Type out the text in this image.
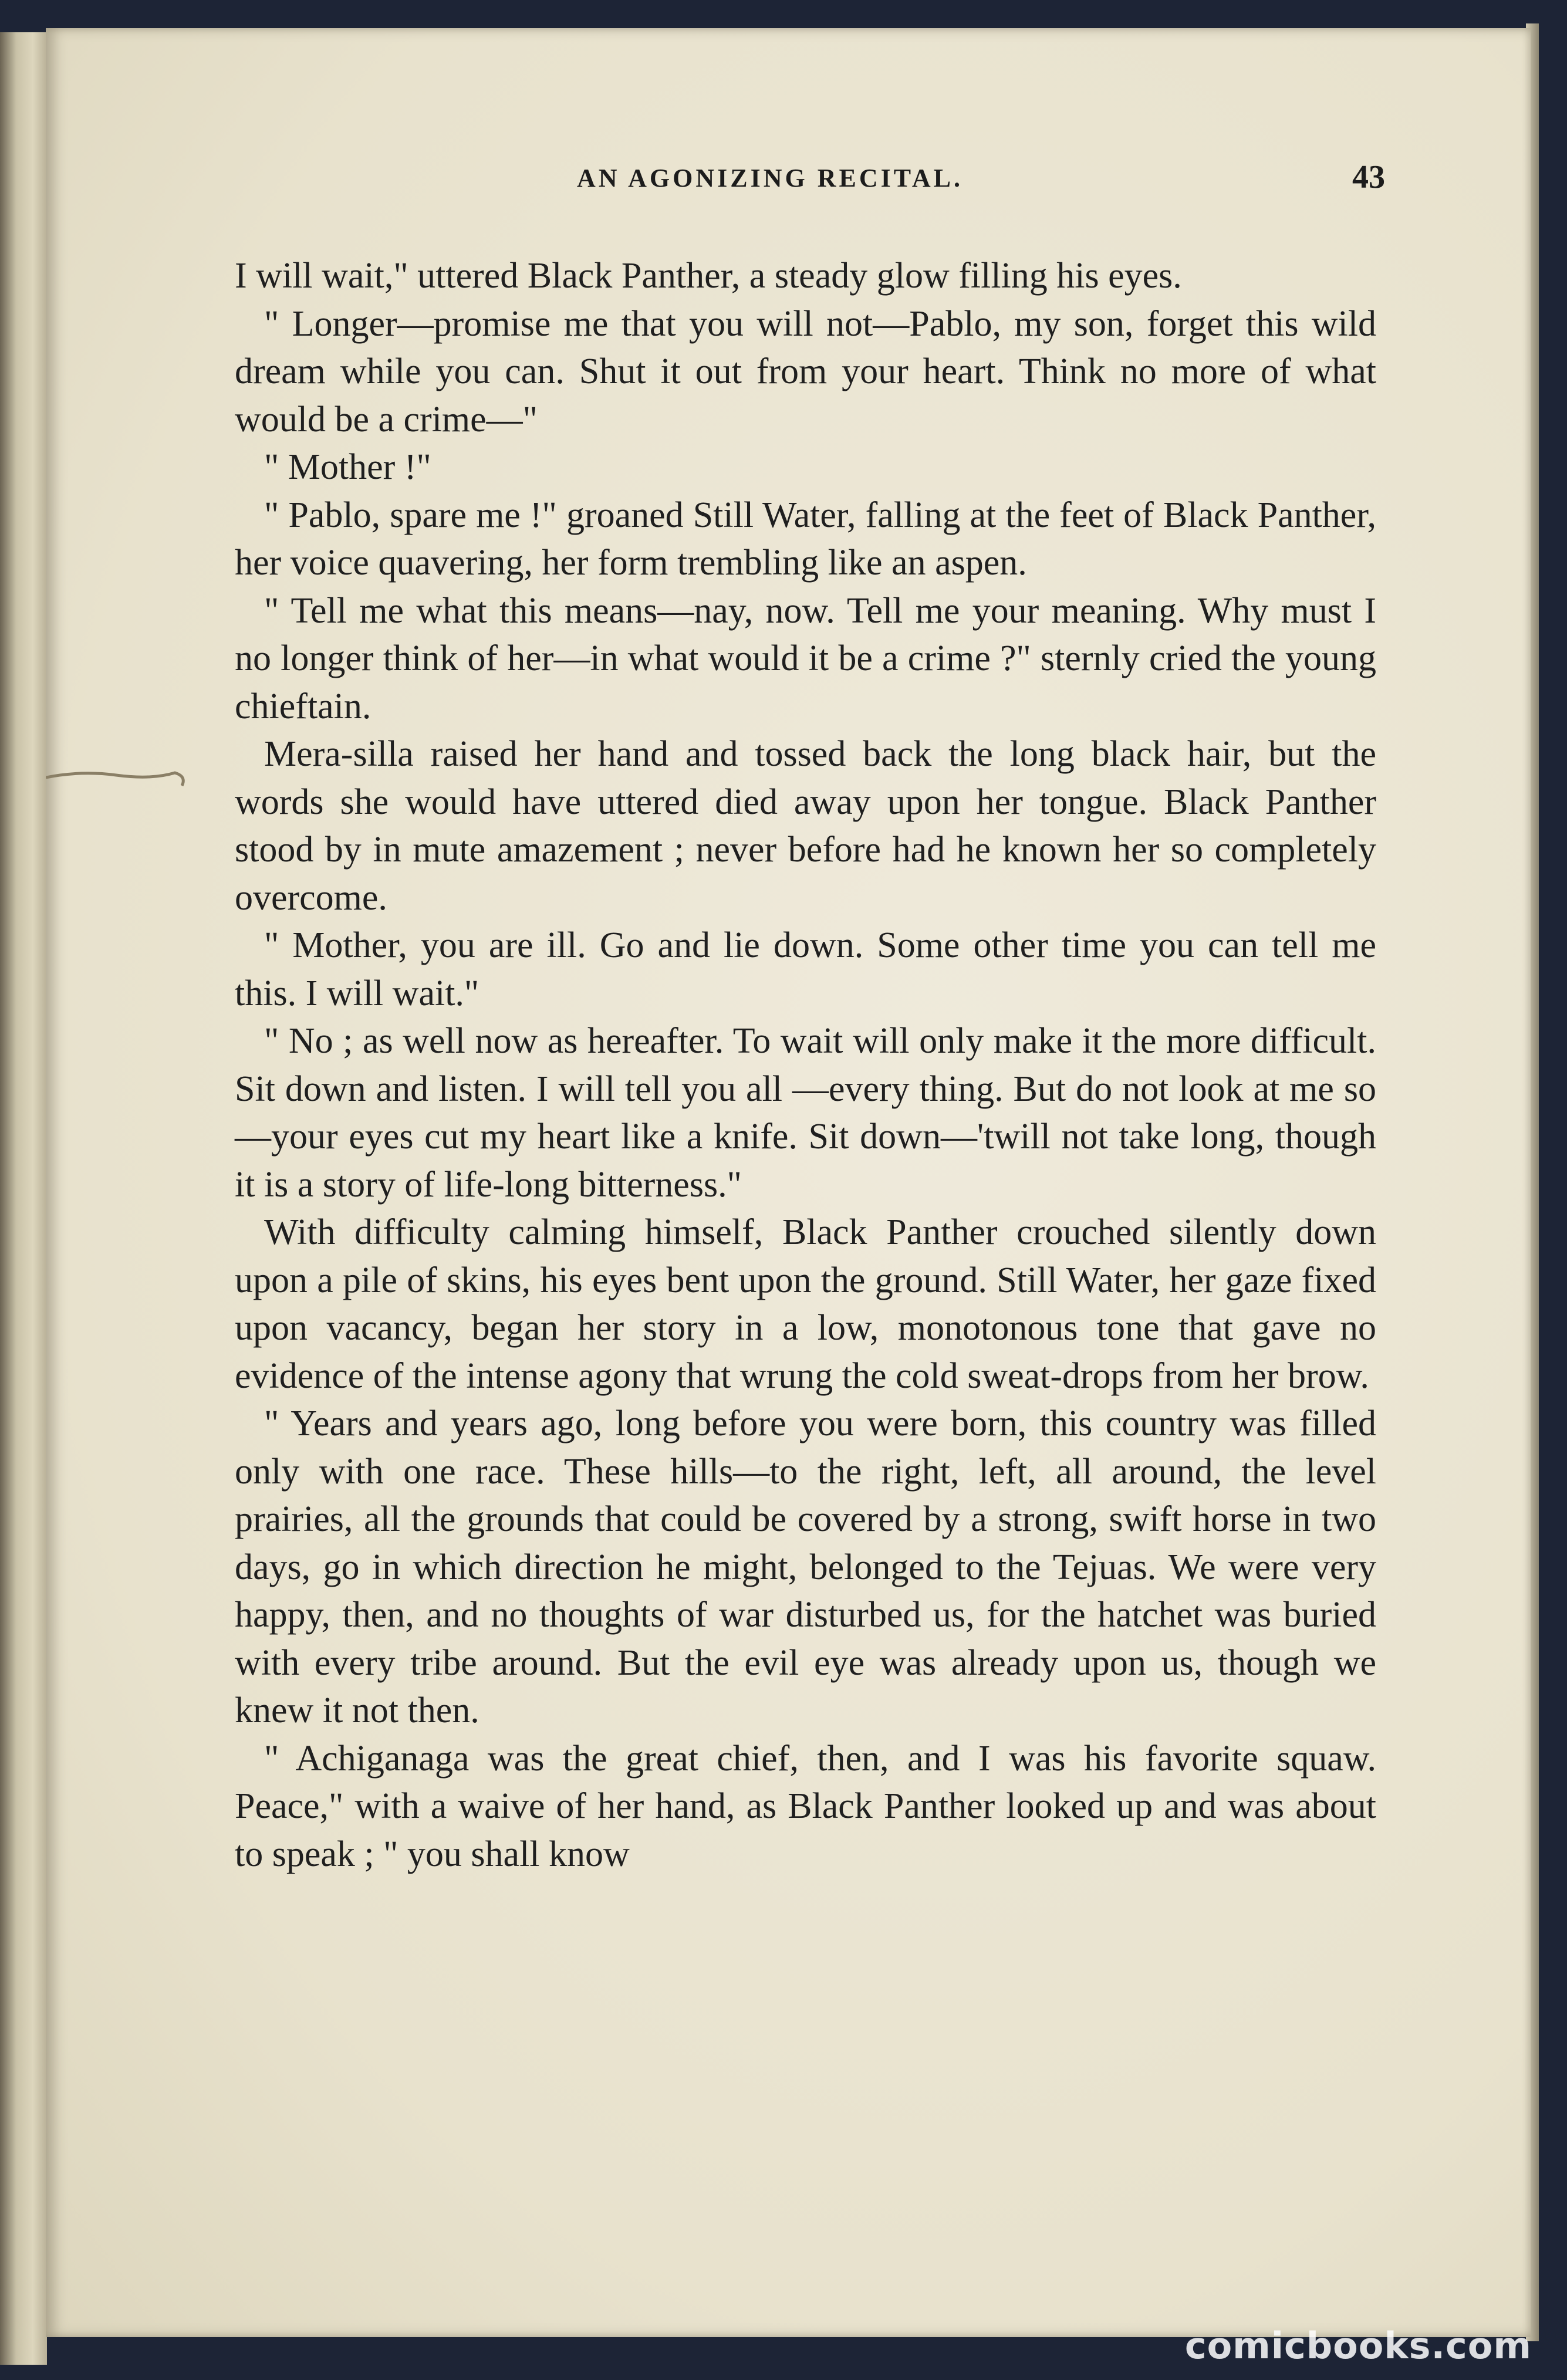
AN AGONIZING RECITAL.	43

I will wait," uttered Black Panther, a steady glow filling his eyes.

" Longer—promise me that you will not—Pablo, my son, forget this wild dream while you can. Shut it out from your heart. Think no more of what would be a crime—"

" Mother !"

" Pablo, spare me !" groaned Still Water, falling at the feet of Black Panther, her voice quavering, her form trembling like an aspen.

" Tell me what this means—nay, now. Tell me your meaning. Why must I no longer think of her—in what would it be a crime ?" sternly cried the young chieftain.

Mera-silla raised her hand and tossed back the long black hair, but the words she would have uttered died away upon her tongue. Black Panther stood by in mute amazement ; never before had he known her so completely overcome.

" Mother, you are ill. Go and lie down. Some other time you can tell me this. I will wait."

" No ; as well now as hereafter. To wait will only make it the more difficult. Sit down and listen. I will tell you all —every thing. But do not look at me so—your eyes cut my heart like a knife. Sit down—'twill not take long, though it is a story of life-long bitterness."

With difficulty calming himself, Black Panther crouched silently down upon a pile of skins, his eyes bent upon the ground. Still Water, her gaze fixed upon vacancy, began her story in a low, monotonous tone that gave no evidence of the intense agony that wrung the cold sweat-drops from her brow.

" Years and years ago, long before you were born, this country was filled only with one race. These hills—to the right, left, all around, the level prairies, all the grounds that could be covered by a strong, swift horse in two days, go in which direction he might, belonged to the Tejuas. We were very happy, then, and no thoughts of war disturbed us, for the hatchet was buried with every tribe around. But the evil eye was already upon us, though we knew it not then.

" Achiganaga was the great chief, then, and I was his favorite squaw. Peace," with a waive of her hand, as Black Panther looked up and was about to speak ; " you shall know

comicbooks.com
